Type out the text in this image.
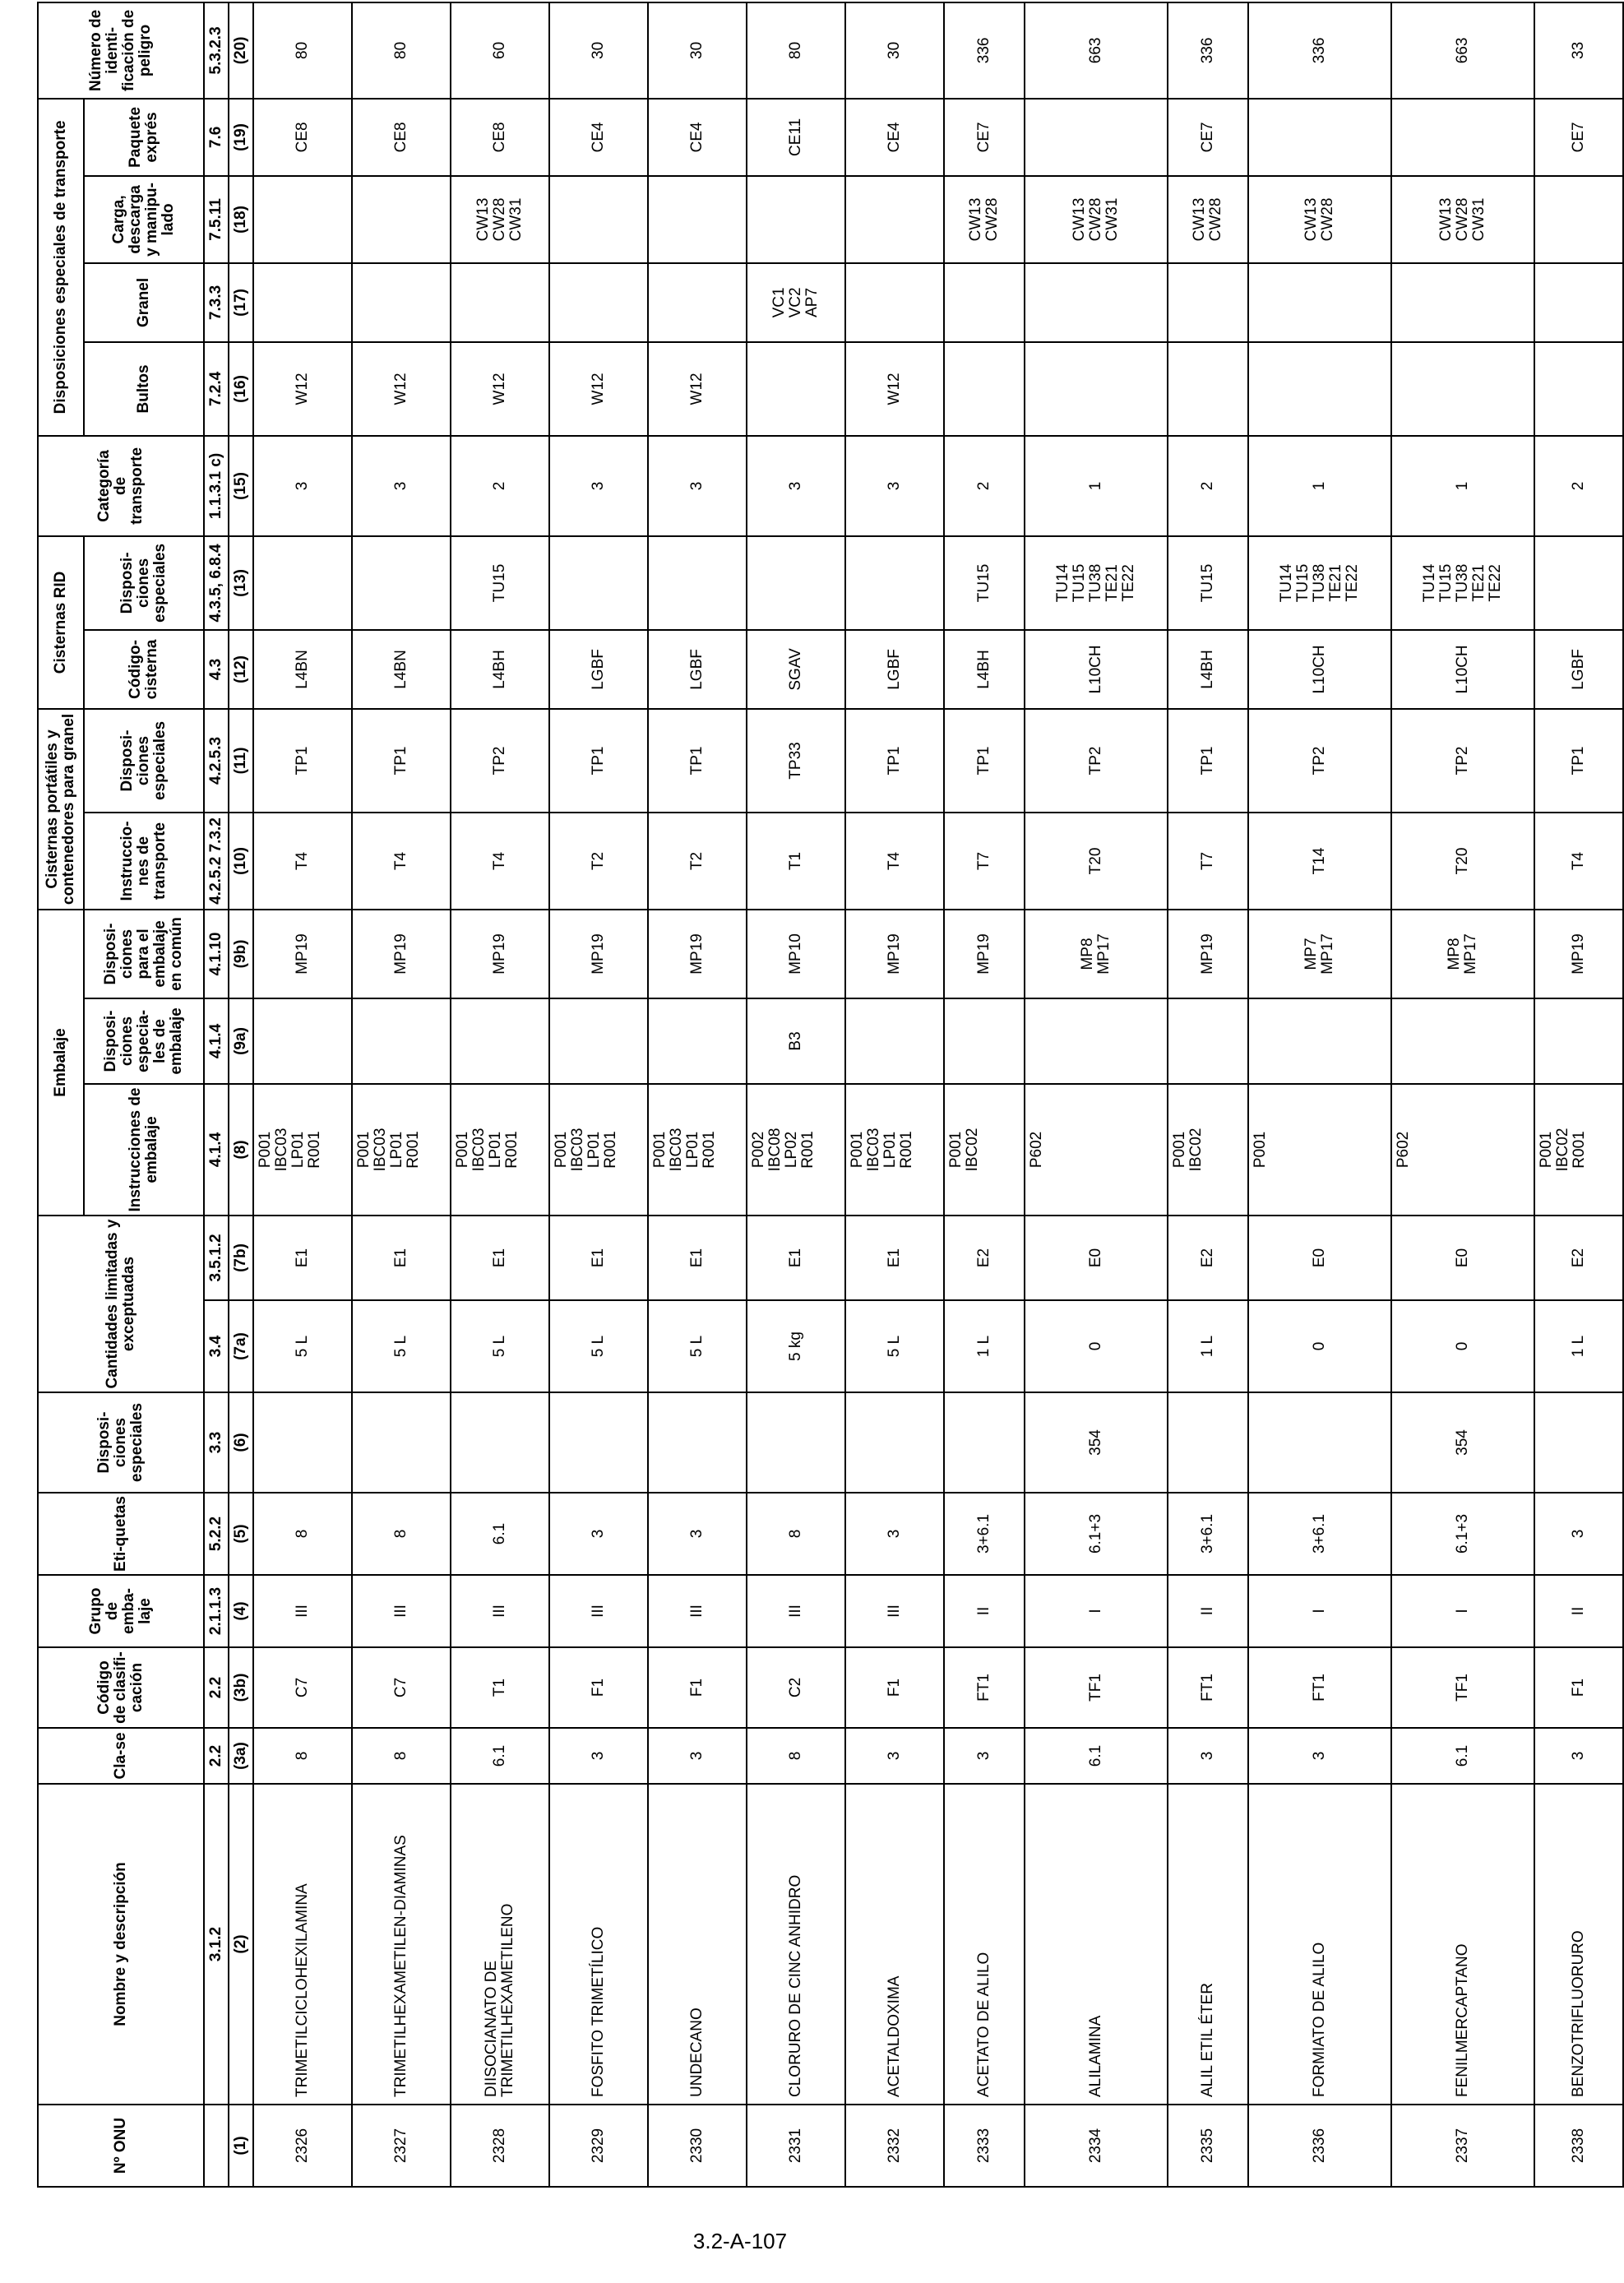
Nº ONU	Nombre y descripción	Cla-se	Código de clasifi-cación	Grupo de emba-laje	Eti-quetas	Disposi-ciones especiales	Cantidades limitadas y exceptuadas		Embalaje			Cisternas portátiles y contenedores para granel		Cisternas RID		Categoría de transporte	Disposiciones especiales de transporte				Número de identi-ficación de peligro
									Instrucciones de embalaje	Disposi-ciones especia-les de embalaje	Disposi-ciones para el embalaje en común	Instruccio-nes de transporte	Disposi-ciones especiales	Código-cisterna	Disposi-ciones especiales		Bultos	Granel	Carga, descarga y manipu-lado	Paquete exprés	
	3.1.2	2.2	2.2	2.1.1.3	5.2.2	3.3	3.4	3.5.1.2	4.1.4	4.1.4	4.1.10	4.2.5.2 7.3.2	4.2.5.3	4.3	4.3.5, 6.8.4	1.1.3.1 c)	7.2.4	7.3.3	7.5.11	7.6	5.3.2.3
(1)	(2)	(3a)	(3b)	(4)	(5)	(6)	(7a)	(7b)	(8)	(9a)	(9b)	(10)	(11)	(12)	(13)	(15)	(16)	(17)	(18)	(19)	(20)
2326	TRIMETILCICLOHEXILAMINA	8	C7	III	8		5 L	E1	P001
IBC03
LP01
R001		MP19	T4	TP1	L4BN		3	W12			CE8	80
2327	TRIMETILHEXAMETILEN-DIAMINAS	8	C7	III	8		5 L	E1	P001
IBC03
LP01
R001		MP19	T4	TP1	L4BN		3	W12			CE8	80
2328	DIISOCIANATO DE TRIMETILHEXAMETILENO	6.1	T1	III	6.1		5 L	E1	P001
IBC03
LP01
R001		MP19	T4	TP2	L4BH	TU15	2	W12		CW13
CW28
CW31	CE8	60
2329	FOSFITO TRIMETÍLICO	3	F1	III	3		5 L	E1	P001
IBC03
LP01
R001		MP19	T2	TP1	LGBF		3	W12			CE4	30
2330	UNDECANO	3	F1	III	3		5 L	E1	P001
IBC03
LP01
R001		MP19	T2	TP1	LGBF		3	W12			CE4	30
2331	CLORURO DE CINC ANHIDRO	8	C2	III	8		5 kg	E1	P002
IBC08
LP02
R001	B3	MP10	T1	TP33	SGAV		3		VC1
VC2
AP7		CE11	80
2332	ACETALDOXIMA	3	F1	III	3		5 L	E1	P001
IBC03
LP01
R001		MP19	T4	TP1	LGBF		3	W12			CE4	30
2333	ACETATO DE ALILO	3	FT1	II	3+6.1		1 L	E2	P001
IBC02		MP19	T7	TP1	L4BH	TU15	2			CW13
CW28	CE7	336
2334	ALILAMINA	6.1	TF1	I	6.1+3	354	0	E0	P602		MP8
MP17	T20	TP2	L10CH	TU14
TU15
TU38
TE21
TE22	1			CW13
CW28
CW31		663
2335	ALIL ETIL ÉTER	3	FT1	II	3+6.1		1 L	E2	P001
IBC02		MP19	T7	TP1	L4BH	TU15	2			CW13
CW28	CE7	336
2336	FORMIATO DE ALILO	3	FT1	I	3+6.1		0	E0	P001		MP7
MP17	T14	TP2	L10CH	TU14
TU15
TU38
TE21
TE22	1			CW13
CW28		336
2337	FENILMERCAPTANO	6.1	TF1	I	6.1+3	354	0	E0	P602		MP8
MP17	T20	TP2	L10CH	TU14
TU15
TU38
TE21
TE22	1			CW13
CW28
CW31		663
2338	BENZOTRIFLUORURO	3	F1	II	3		1 L	E2	P001
IBC02
R001		MP19	T4	TP1	LGBF		2				CE7	33
3.2-A-107
